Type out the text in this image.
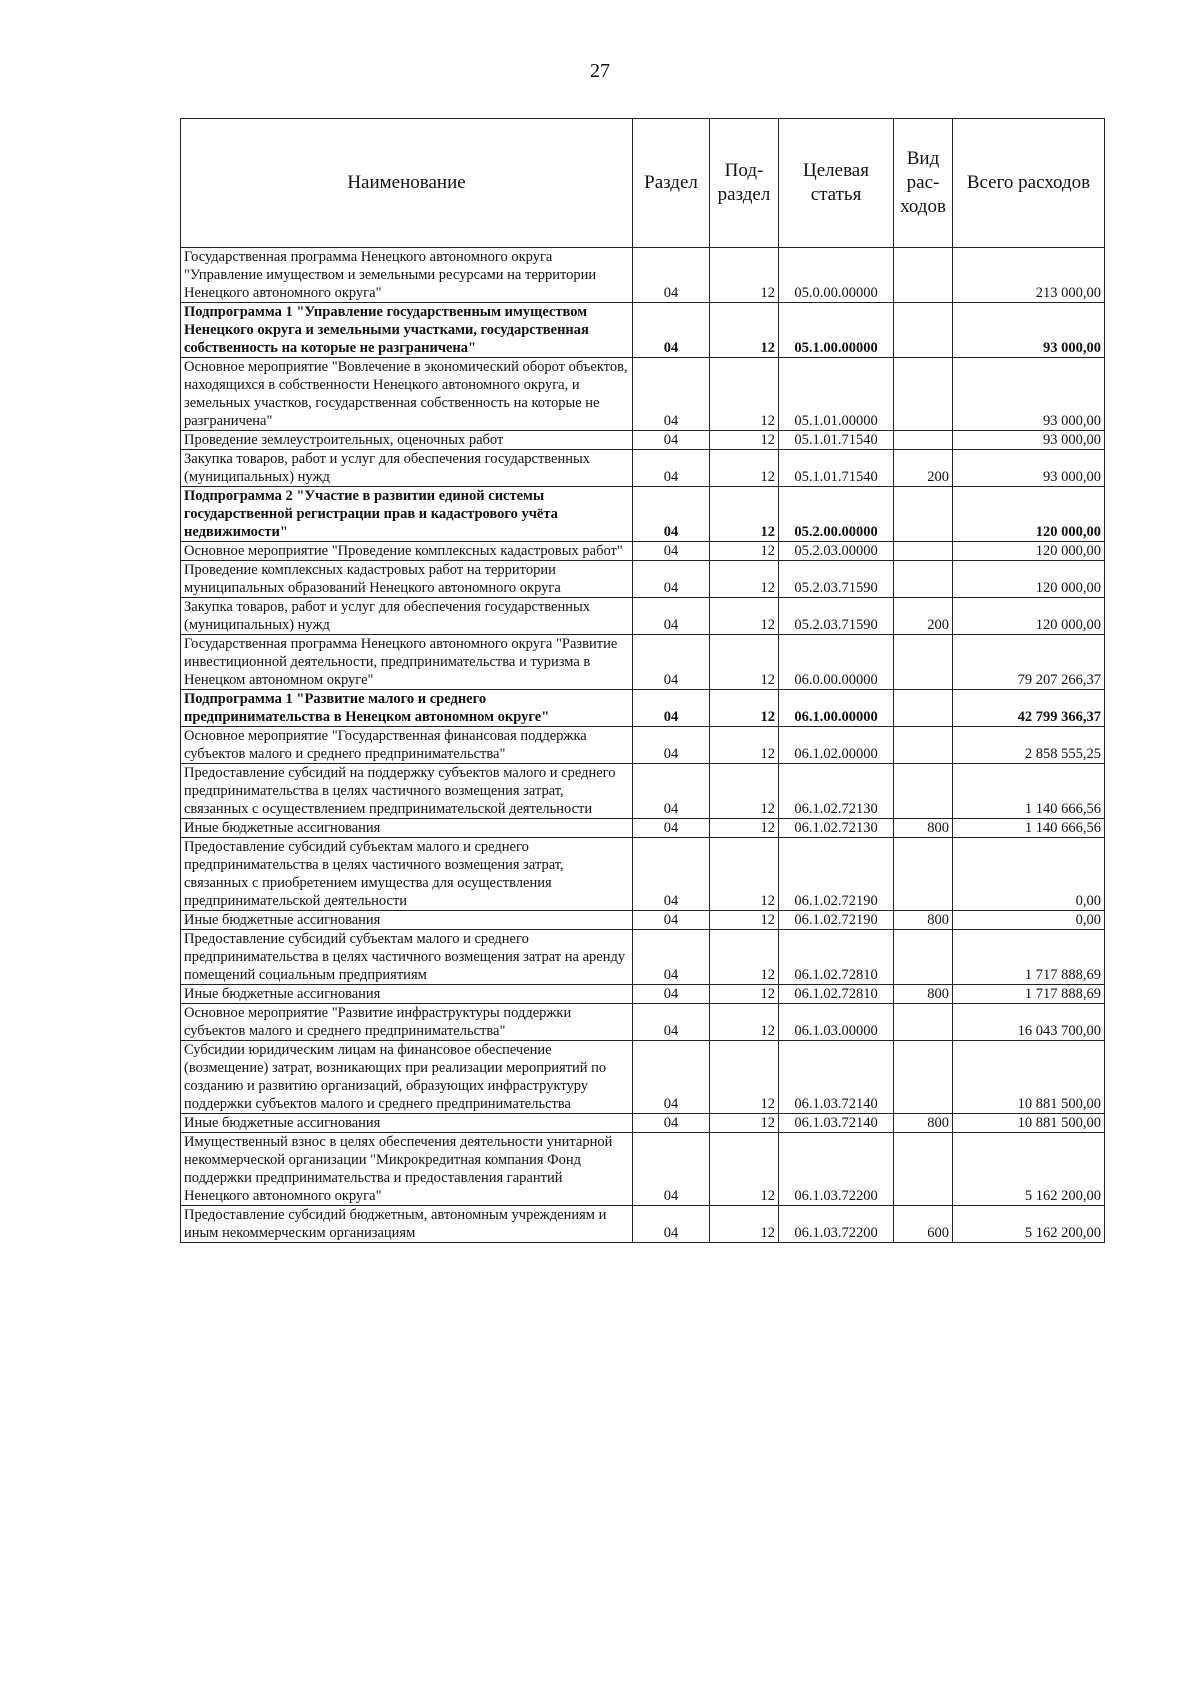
27
Наименование	Раздел	Под-раздел	Целевая статья	Вид рас-ходов	Всего расходов
Государственная программа Ненецкого автономного округа "Управление имуществом и земельными ресурсами на территории Ненецкого автономного округа"	04	12	05.0.00.00000		213 000,00
Подпрограмма 1 "Управление государственным имуществом Ненецкого округа и земельными участками, государственная собственность на которые не разграничена"	04	12	05.1.00.00000		93 000,00
Основное мероприятие "Вовлечение в экономический оборот объектов, находящихся в собственности Ненецкого автономного округа, и земельных участков, государственная собственность на которые не разграничена"	04	12	05.1.01.00000		93 000,00
Проведение землеустроительных, оценочных работ	04	12	05.1.01.71540		93 000,00
Закупка товаров, работ и услуг для обеспечения государственных (муниципальных) нужд	04	12	05.1.01.71540	200	93 000,00
Подпрограмма 2 "Участие в развитии единой системы государственной регистрации прав и кадастрового учёта недвижимости"	04	12	05.2.00.00000		120 000,00
Основное мероприятие "Проведение комплексных кадастровых работ"	04	12	05.2.03.00000		120 000,00
Проведение комплексных кадастровых работ на территории муниципальных образований Ненецкого автономного округа	04	12	05.2.03.71590		120 000,00
Закупка товаров, работ и услуг для обеспечения государственных (муниципальных) нужд	04	12	05.2.03.71590	200	120 000,00
Государственная программа Ненецкого автономного округа "Развитие инвестиционной деятельности, предпринимательства и туризма в Ненецком автономном округе"	04	12	06.0.00.00000		79 207 266,37
Подпрограмма 1 "Развитие малого и среднего предпринимательства в Ненецком автономном округе"	04	12	06.1.00.00000		42 799 366,37
Основное мероприятие "Государственная финансовая поддержка субъектов малого и среднего предпринимательства"	04	12	06.1.02.00000		2 858 555,25
Предоставление субсидий на поддержку субъектов малого и среднего предпринимательства в целях частичного возмещения затрат, связанных с осуществлением предпринимательской деятельности	04	12	06.1.02.72130		1 140 666,56
Иные бюджетные ассигнования	04	12	06.1.02.72130	800	1 140 666,56
Предоставление субсидий субъектам малого и среднего предпринимательства в целях частичного возмещения затрат, связанных с приобретением имущества для осуществления предпринимательской деятельности	04	12	06.1.02.72190		0,00
Иные бюджетные ассигнования	04	12	06.1.02.72190	800	0,00
Предоставление субсидий субъектам малого и среднего предпринимательства в целях частичного возмещения затрат на аренду помещений социальным предприятиям	04	12	06.1.02.72810		1 717 888,69
Иные бюджетные ассигнования	04	12	06.1.02.72810	800	1 717 888,69
Основное мероприятие "Развитие инфраструктуры поддержки субъектов малого и среднего предпринимательства"	04	12	06.1.03.00000		16 043 700,00
Субсидии юридическим лицам на финансовое обеспечение (возмещение) затрат, возникающих при реализации мероприятий по созданию и развитию организаций, образующих инфраструктуру поддержки субъектов малого и среднего предпринимательства	04	12	06.1.03.72140		10 881 500,00
Иные бюджетные ассигнования	04	12	06.1.03.72140	800	10 881 500,00
Имущественный взнос в целях обеспечения деятельности унитарной некоммерческой организации "Микрокредитная компания Фонд поддержки предпринимательства и предоставления гарантий Ненецкого автономного округа"	04	12	06.1.03.72200		5 162 200,00
Предоставление субсидий бюджетным, автономным учреждениям и иным некоммерческим организациям	04	12	06.1.03.72200	600	5 162 200,00
